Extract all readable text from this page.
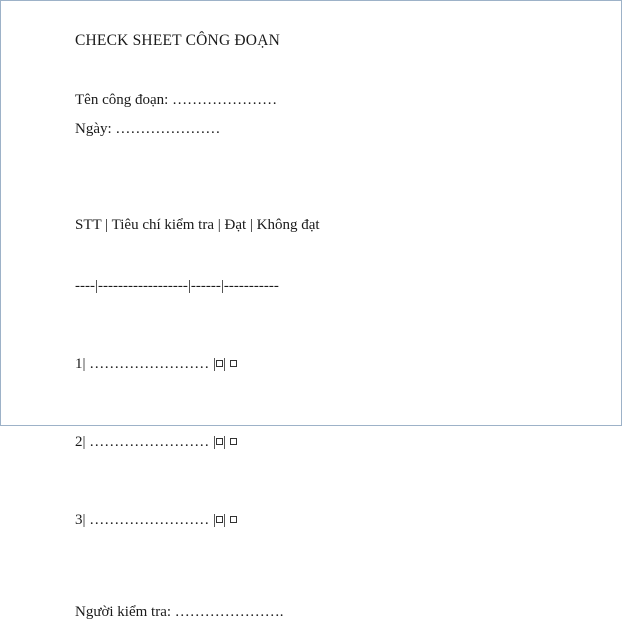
CHECK SHEET CÔNG ĐOẠN
Tên công đoạn: …………………
Ngày: …………………

STT | Tiêu chí kiểm tra | Đạt | Không đạt

----|------------------|------|-----------

1| …………………… | |

2| …………………… | |

3| …………………… | |

Người kiểm tra: ………………….
